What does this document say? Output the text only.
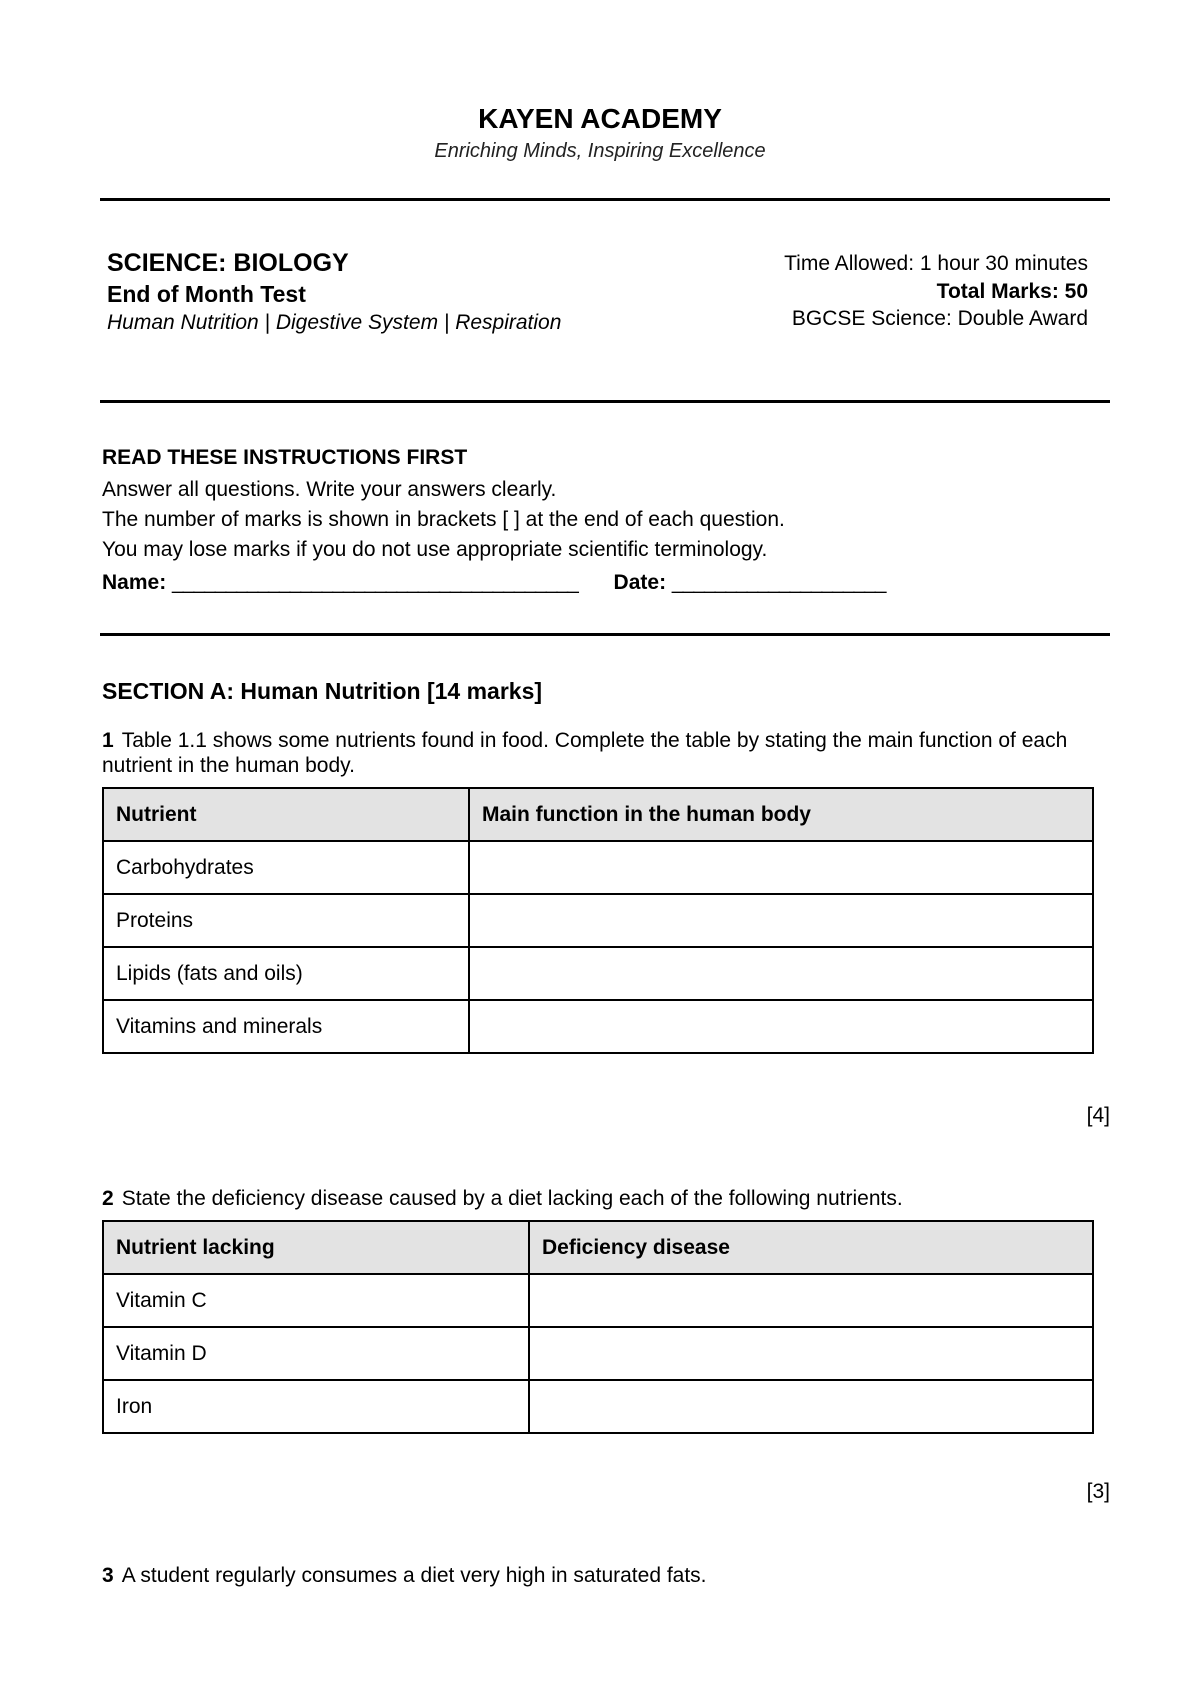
KAYEN ACADEMY
Enriching Minds, Inspiring Excellence
SCIENCE: BIOLOGY
End of Month Test
Human Nutrition | Digestive System | Respiration
Time Allowed: 1 hour 30 minutes
Total Marks: 50
BGCSE Science: Double Award
READ THESE INSTRUCTIONS FIRST
Answer all questions. Write your answers clearly.
The number of marks is shown in brackets [ ] at the end of each question.
You may lose marks if you do not use appropriate scientific terminology.
Name: ______________________________________ Date: ____________________
SECTION A: Human Nutrition [14 marks]
1 Table 1.1 shows some nutrients found in food. Complete the table by stating the main function of each nutrient in the human body.
Nutrient	Main function in the human body
Carbohydrates	
Proteins	
Lipids (fats and oils)	
Vitamins and minerals	
[4]
2 State the deficiency disease caused by a diet lacking each of the following nutrients.
Nutrient lacking	Deficiency disease
Vitamin C	
Vitamin D	
Iron	
[3]
3 A student regularly consumes a diet very high in saturated fats.
